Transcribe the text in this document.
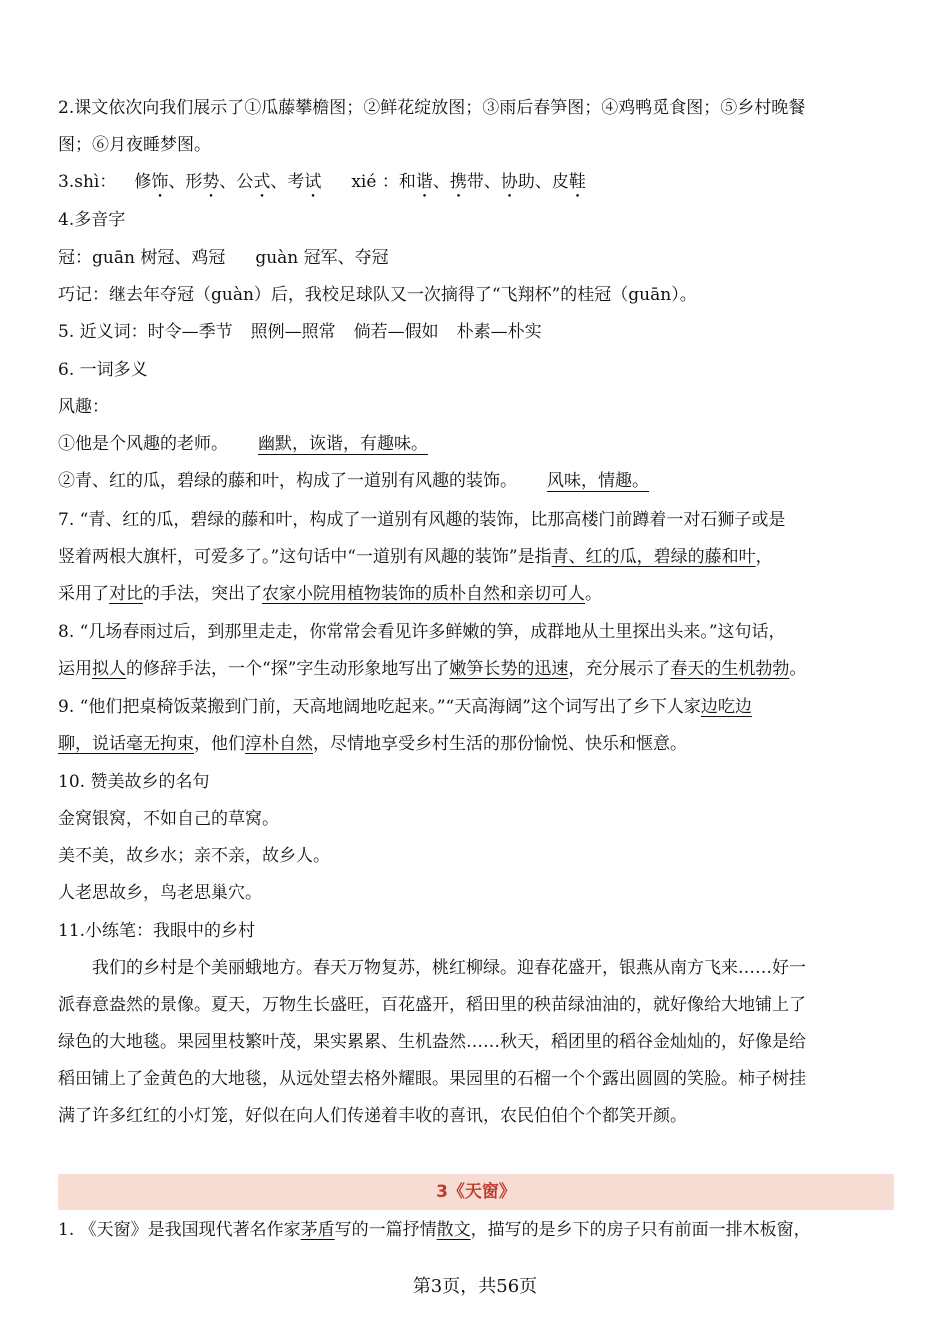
2.课文依次向我们展示了①瓜藤攀檐图；②鲜花绽放图；③雨后春笋图；④鸡鸭觅食图；⑤乡村晚餐
图；⑥月夜睡梦图。
3.shì： 修饰、形势、公式、考试 xié ：和谐、携带、协助、皮鞋
4.多音字
冠：guān 树冠、鸡冠 guàn 冠军、夺冠
巧记：继去年夺冠（guàn）后，我校足球队又一次摘得了“飞翔杯”的桂冠（guān）。
5. 近义词：时令—季节 照例—照常 倘若—假如 朴素—朴实
6. 一词多义
风趣：
①他是个风趣的老师。 幽默，诙谐，有趣味。
②青、红的瓜，碧绿的藤和叶，构成了一道别有风趣的装饰。 风味，情趣。
7. “青、红的瓜，碧绿的藤和叶，构成了一道别有风趣的装饰，比那高楼门前蹲着一对石狮子或是
竖着两根大旗杆，可爱多了。”这句话中“一道别有风趣的装饰”是指青、红的瓜，碧绿的藤和叶，
采用了对比的手法，突出了农家小院用植物装饰的质朴自然和亲切可人。
8. “几场春雨过后，到那里走走，你常常会看见许多鲜嫩的笋，成群地从土里探出头来。”这句话，
运用拟人的修辞手法，一个“探”字生动形象地写出了嫩笋长势的迅速，充分展示了春天的生机勃勃。
9. “他们把桌椅饭菜搬到门前，天高地阔地吃起来。”“天高海阔”这个词写出了乡下人家边吃边
聊，说话毫无拘束，他们淳朴自然，尽情地享受乡村生活的那份愉悦、快乐和惬意。
10. 赞美故乡的名句
金窝银窝，不如自己的草窝。
美不美，故乡水；亲不亲，故乡人。
人老思故乡，鸟老思巢穴。
11.小练笔：我眼中的乡村
　　我们的乡村是个美丽蛾地方。春天万物复苏，桃红柳绿。迎春花盛开，银燕从南方飞来……好一
派春意盎然的景像。夏天，万物生长盛旺，百花盛开，稻田里的秧苗绿油油的，就好像给大地铺上了
绿色的大地毯。果园里枝繁叶茂，果实累累、生机盎然……秋天，稻团里的稻谷金灿灿的，好像是给
稻田铺上了金黄色的大地毯，从远处望去格外耀眼。果园里的石榴一个个露出圆圆的笑脸。柿子树挂
满了许多红红的小灯笼，好似在向人们传递着丰收的喜讯，农民伯伯个个都笑开颜。
3《天窗》
1. 《天窗》是我国现代著名作家茅盾写的一篇抒情散文，描写的是乡下的房子只有前面一排木板窗，
第3页，共56页
